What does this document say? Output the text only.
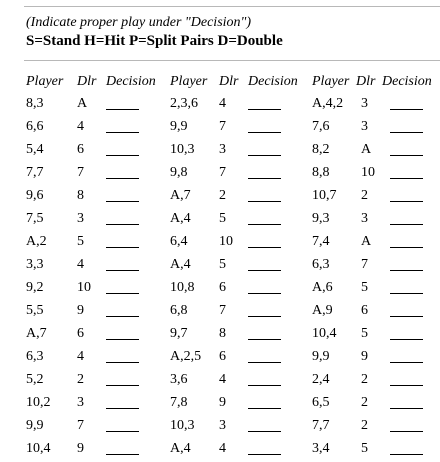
(Indicate proper play under "Decision")
S=Stand H=Hit P=Split Pairs D=Double
Player Dlr Decision Player Dlr Decision Player Dlr Decision
8,3 A	2,3,6 4	A,4,2 3
6,6 4	9,9 7	7,6 3
5,4 6	10,3 3	8,2 A
7,7 7	9,8 7	8,8 10
9,6 8	A,7 2	10,7 2
7,5 3	A,4 5	9,3 3
A,2 5	6,4 10	7,4 A
3,3 4	A,4 5	6,3 7
9,2 10	10,8 6	A,6 5
5,5 9	6,8 7	A,9 6
A,7 6	9,7 8	10,4 5
6,3 4	A,2,5 6	9,9 9
5,2 2	3,6 4	2,4 2
10,2 3	7,8 9	6,5 2
9,9 7	10,3 3	7,7 2
10,4 9	A,4 4	3,4 5
